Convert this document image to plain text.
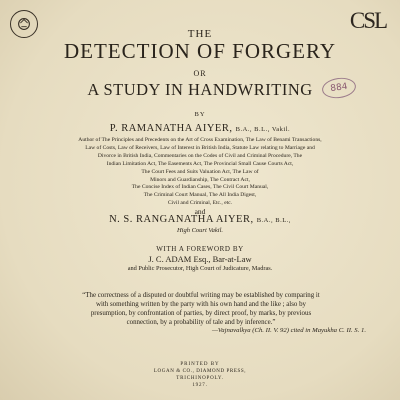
CSL
884
THE
DETECTION OF FORGERY
OR
A STUDY IN HANDWRITING
BY
P. RAMANATHA AIYER, B.A., B.L., Vakil.
Author of The Principles and Precedents on the Art of Cross Examination, The Law of Benami Transactions,
Law of Costs, Law of Receivers, Law of Interest in British India, Statute Law relating to Marriage and
Divorce in British India, Commentaries on the Codes of Civil and Criminal Procedure, The
Indian Limitation Act, The Easements Act, The Provincial Small Cause Courts Act,
The Court Fees and Suits Valuation Act, The Law of
Minors and Guardianship, The Contract Act,
The Concise Index of Indian Cases, The Civil Court Manual,
The Criminal Court Manual, The All India Digest,
Civil and Criminal, Etc., etc.
and
N. S. RANGANATHA AIYER, B.A., B.L.,
High Court Vakil.
WITH A FOREWORD BY
J. C. ADAM Esq., Bar-at-Law
and Public Prosecutor, High Court of Judicature, Madras.
“The correctness of a disputed or doubtful writing may be established by comparing it
with something written by the party with his own hand and the like ; also by
presumption, by confrontation of parties, by direct proof, by marks, by previous
connection, by a probability of tale and by inference.”
—Vajnavalkya (Ch. II. V. 92) cited in Mayukha C. II. S. 1.
PRINTED BY
LOGAN & CO., DIAMOND PRESS,
TRICHINOPOLY.
1927.
